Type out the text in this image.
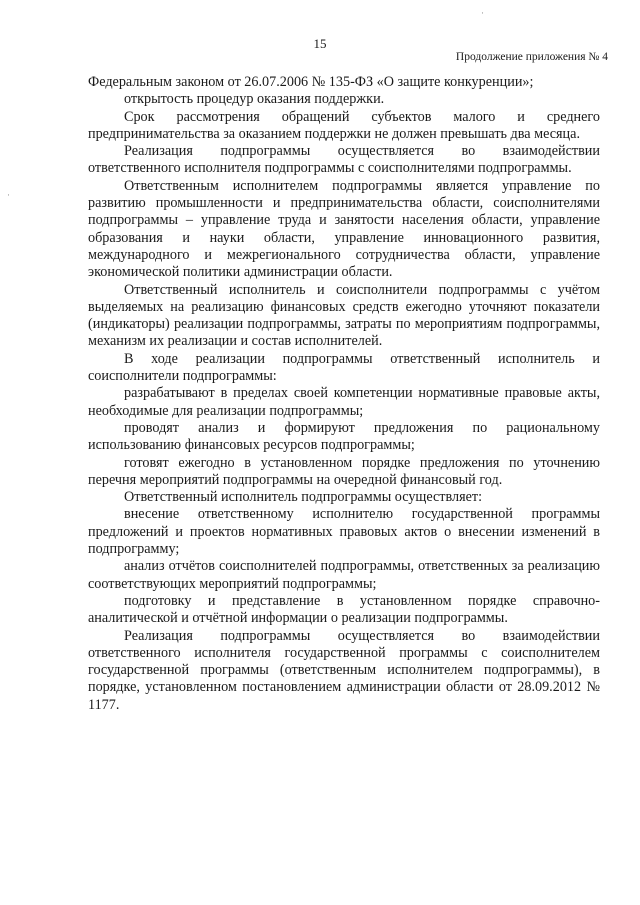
·
·
15
Продолжение приложения № 4

Федеральным законом от 26.07.2006 № 135-ФЗ «О защите конкуренции»;

открытость процедур оказания поддержки.

Срок рассмотрения обращений субъектов малого и среднего предпринимательства за оказанием поддержки не должен превышать два месяца.

Реализация подпрограммы осуществляется во взаимодействии ответственного исполнителя подпрограммы с соисполнителями подпрограммы.

Ответственным исполнителем подпрограммы является управление по развитию промышленности и предпринимательства области, соисполнителями подпрограммы – управление труда и занятости населения области, управление образования и науки области, управление инновационного развития, международного и межрегионального сотрудничества области, управление экономической политики администрации области.

Ответственный исполнитель и соисполнители подпрограммы с учётом выделяемых на реализацию финансовых средств ежегодно уточняют показатели (индикаторы) реализации подпрограммы, затраты по мероприятиям подпрограммы, механизм их реализации и состав исполнителей.

В ходе реализации подпрограммы ответственный исполнитель и соисполнители подпрограммы:

разрабатывают в пределах своей компетенции нормативные правовые акты, необходимые для реализации подпрограммы;

проводят анализ и формируют предложения по рациональному использованию финансовых ресурсов подпрограммы;

готовят ежегодно в установленном порядке предложения по уточнению перечня мероприятий подпрограммы на очередной финансовый год.

Ответственный исполнитель подпрограммы осуществляет:

внесение ответственному исполнителю государственной программы предложений и проектов нормативных правовых актов о внесении изменений в подпрограмму;

анализ отчётов соисполнителей подпрограммы, ответственных за реализацию соответствующих мероприятий подпрограммы;

подготовку и представление в установленном порядке справочно-аналитической и отчётной информации о реализации подпрограммы.

Реализация подпрограммы осуществляется во взаимодействии ответственного исполнителя государственной программы с соисполнителем государственной программы (ответственным исполнителем подпрограммы), в порядке, установленном постановлением администрации области от 28.09.2012 № 1177.
